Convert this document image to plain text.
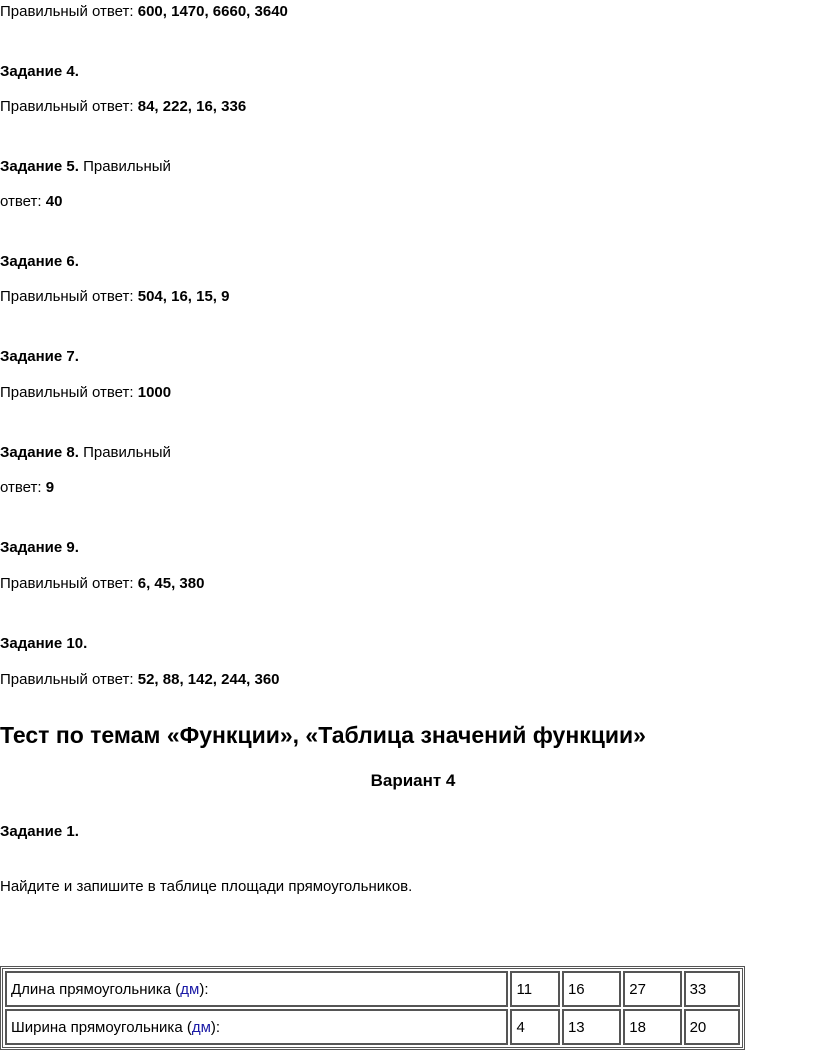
Правильный ответ: 600, 1470, 6660, 3640
Задание 4.
Правильный ответ: 84, 222, 16, 336
Задание 5. Правильный
ответ: 40
Задание 6.
Правильный ответ: 504, 16, 15, 9
Задание 7.
Правильный ответ: 1000
Задание 8. Правильный
ответ: 9
Задание 9.
Правильный ответ: 6, 45, 380
Задание 10.
Правильный ответ: 52, 88, 142, 244, 360
Тест по темам «Функции», «Таблица значений функции»
Вариант 4
Задание 1.
Найдите и запишите в таблице площади прямоугольников.
Длина прямоугольника (дм):	11	16	27	33
Ширина прямоугольника (дм):	4	13	18	20
